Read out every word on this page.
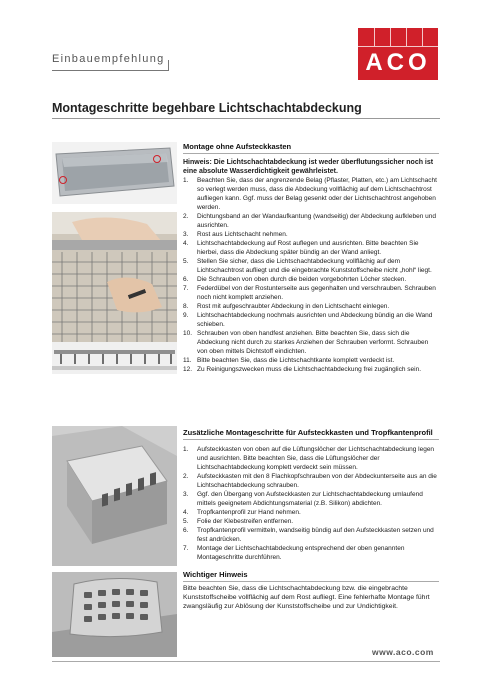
Einbauempfehlung	ACO
Montageschritte begehbare Lichtschachtabdeckung
Montage ohne Aufsteckkasten
Hinweis: Die Lichtschachtabdeckung ist weder überflutungssicher noch ist eine absolute Wasserdichtigkeit gewährleistet.
1.	Beachten Sie, dass der angrenzende Belag (Pflaster, Platten, etc.) am Lichtschacht so verlegt werden muss, dass die Abdeckung vollflächig auf dem Lichtschachtrost aufliegen kann. Ggf. muss der Belag gesenkt oder der Lichtschachtrost angehoben werden.
2.	Dichtungsband an der Wandaufkantung (wandseitig) der Abdeckung aufkleben und ausrichten.
3.	Rost aus Lichtschacht nehmen.
4.	Lichtschachtabdeckung auf Rost auflegen und ausrichten. Bitte beachten Sie hierbei, dass die Abdeckung später bündig an der Wand anliegt.
5.	Stellen Sie sicher, dass die Lichtschachtabdeckung vollflächig auf dem Lichtschachtrost aufliegt und die eingebrachte Kunststoffscheibe nicht „hohl“ liegt.
6.	Die Schrauben von oben durch die beiden vorgebohrten Löcher stecken.
7.	Federdübel von der Rostunterseite aus gegenhalten und verschrauben. Schrauben noch nicht komplett anziehen.
8.	Rost mit aufgeschraubter Abdeckung in den Lichtschacht einlegen.
9.	Lichtschachtabdeckung nochmals ausrichten und Abdeckung bündig an die Wand schieben.
10. Schrauben von oben handfest anziehen. Bitte beachten Sie, dass sich die Abdeckung nicht durch zu starkes Anziehen der Schrauben verformt. Schrauben von oben mittels Dichtstoff eindichten.
11. Bitte beachten Sie, dass die Lichtschachtkante komplett verdeckt ist.
12. Zu Reinigungszwecken muss die Lichtschachtabdeckung frei zugänglich sein.
Zusätzliche Montageschritte für Aufsteckkasten und Tropfkantenprofil
1.	Aufsteckkasten von oben auf die Lüftungslöcher der Lichtschachtabdeckung legen und ausrichten. Bitte beachten Sie, dass die Lüftungslöcher der Lichtschachtabdeckung komplett verdeckt sein müssen.
2.	Aufsteckkasten mit den 8 Flachkopfschrauben von der Abdeckunterseite aus an die Lichtschachtabdeckung schrauben.
3.	Ggf. den Übergang von Aufsteckkasten zur Lichtschachtabdeckung umlaufend mittels geeignetem Abdichtungsmaterial (z.B. Silikon) abdichten.
4.	Tropfkantenprofil zur Hand nehmen.
5.	Folie der Klebestreifen entfernen.
6.	Tropfkantenprofil vermitteln, wandseitig bündig auf den Aufsteckkasten setzen und fest andrücken.
7.	Montage der Lichtschachtabdeckung entsprechend der oben genannten Montageschritte durchführen.
Wichtiger Hinweis
Bitte beachten Sie, dass die Lichtschachtabdeckung bzw. die eingebrachte Kunststoffscheibe vollflächig auf dem Rost aufliegt. Eine fehlerhafte Montage führt zwangsläufig zur Ablösung der Kunststoffscheibe und zur Undichtigkeit.
www.aco.com
